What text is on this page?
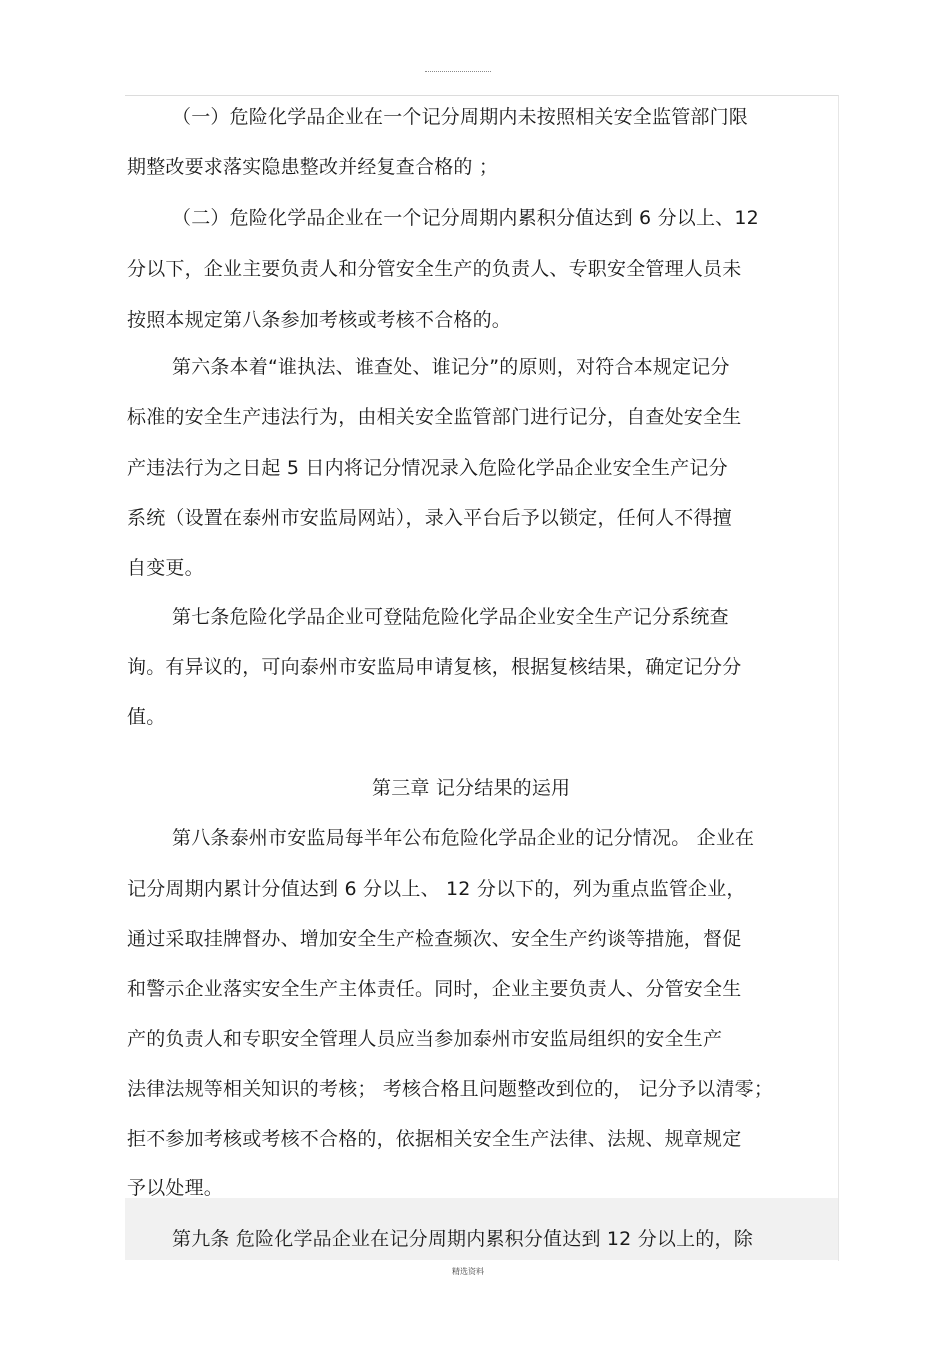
（一）危险化学品企业在一个记分周期内未按照相关安全监管部门限
期整改要求落实隐患整改并经复查合格的 ；
（二）危险化学品企业在一个记分周期内累积分值达到 6 分以上、12
分以下，企业主要负责人和分管安全生产的负责人、专职安全管理人员未
按照本规定第八条参加考核或考核不合格的。
第六条本着“谁执法、谁查处、谁记分”的原则，对符合本规定记分
标准的安全生产违法行为，由相关安全监管部门进行记分，自查处安全生
产违法行为之日起 5 日内将记分情况录入危险化学品企业安全生产记分
系统（设置在泰州市安监局网站），录入平台后予以锁定，任何人不得擅
自变更。
第七条危险化学品企业可登陆危险化学品企业安全生产记分系统查
询。有异议的，可向泰州市安监局申请复核，根据复核结果，确定记分分
值。
第三章 记分结果的运用
第八条泰州市安监局每半年公布危险化学品企业的记分情况。 企业在
记分周期内累计分值达到 6 分以上、 12 分以下的，列为重点监管企业，
通过采取挂牌督办、增加安全生产检查频次、安全生产约谈等措施，督促
和警示企业落实安全生产主体责任。同时，企业主要负责人、分管安全生
产的负责人和专职安全管理人员应当参加泰州市安监局组织的安全生产
法律法规等相关知识的考核； 考核合格且问题整改到位的， 记分予以清零；
拒不参加考核或考核不合格的，依据相关安全生产法律、法规、规章规定
予以处理。
第九条 危险化学品企业在记分周期内累积分值达到 12 分以上的，除
精选资料
